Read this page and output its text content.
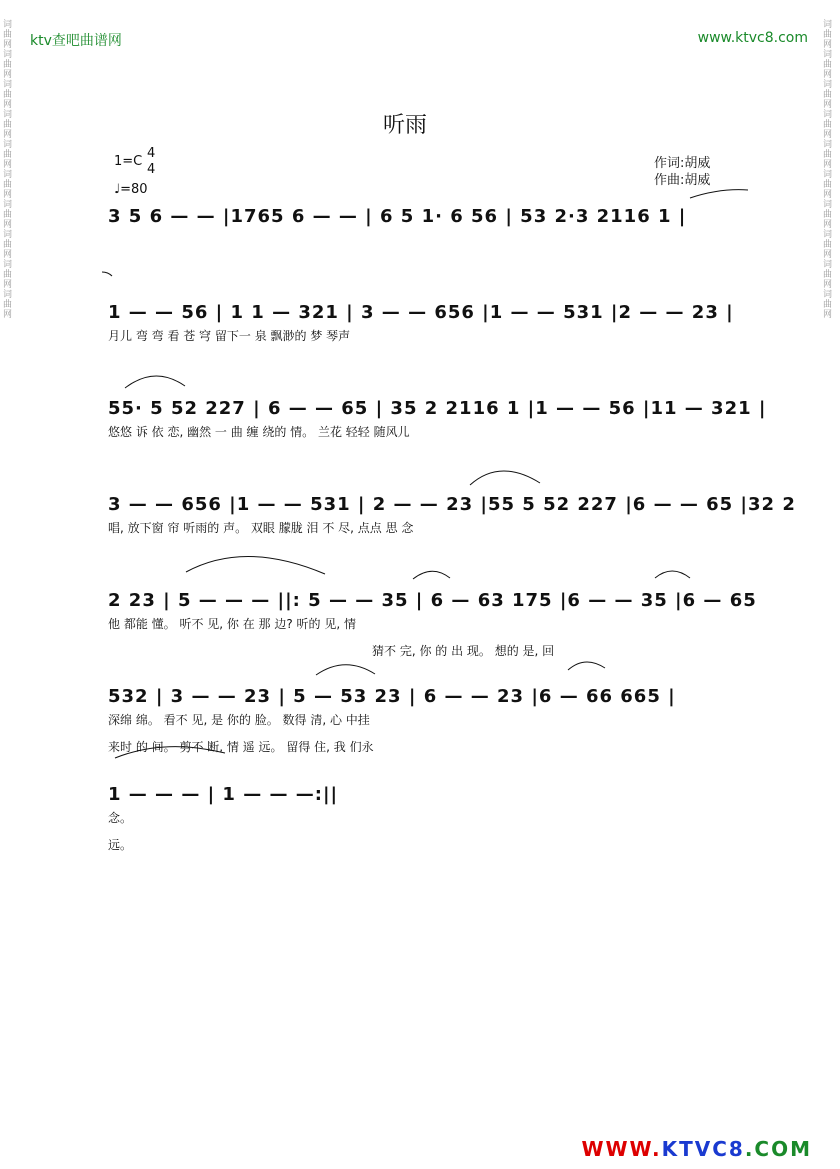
ktv查吧曲谱网	www.ktvc8.com
词曲网词曲网词曲网词曲网词曲网词曲网词曲网词曲网词曲网词曲网
词曲网词曲网词曲网词曲网词曲网词曲网词曲网词曲网词曲网词曲网
听雨
1=C
4
4
♩=80
作词:胡威
作曲:胡威
3 5 6 — — |1765 6 — — | 6 5 1· 6 56 | 53 2·3 2116 1 |
1 — — 56 | 1 1 — 321 | 3 — — 656 |1 — — 531 |2 — — 23 |
月儿 弯 弯 看 苍 穹 留下一 泉 飘渺的 梦 琴声
55· 5 52 227 | 6 — — 65 | 35 2 2116 1 |1 — — 56 |11 — 321 |
悠悠 诉 依 恋, 幽然 一 曲 缠 绕的 情。 兰花 轻轻 随风儿
3 — — 656 |1 — — 531 | 2 — — 23 |55 5 52 227 |6 — — 65 |32 2
唱, 放下窗 帘 听雨的 声。 双眼 朦胧 泪 不 尽, 点点 思 念
2 23 | 5 — — — ||: 5 — — 35 | 6 — 63 175 |6 — — 35 |6 — 65
他 都能 懂。 听不 见, 你 在 那 边? 听的 见, 情
猜不 完, 你 的 出 现。 想的 是, 回
532 | 3 — — 23 | 5 — 53 23 | 6 — — 23 |6 — 66 665 |
深绵 绵。 看不 见, 是 你的 脸。 数得 清, 心 中挂
来时 的 间。 剪不 断, 情 遥 远。 留得 住, 我 们永
1 — — — | 1 — — —:||
念。
远。
WWW.KTVC8.COM
